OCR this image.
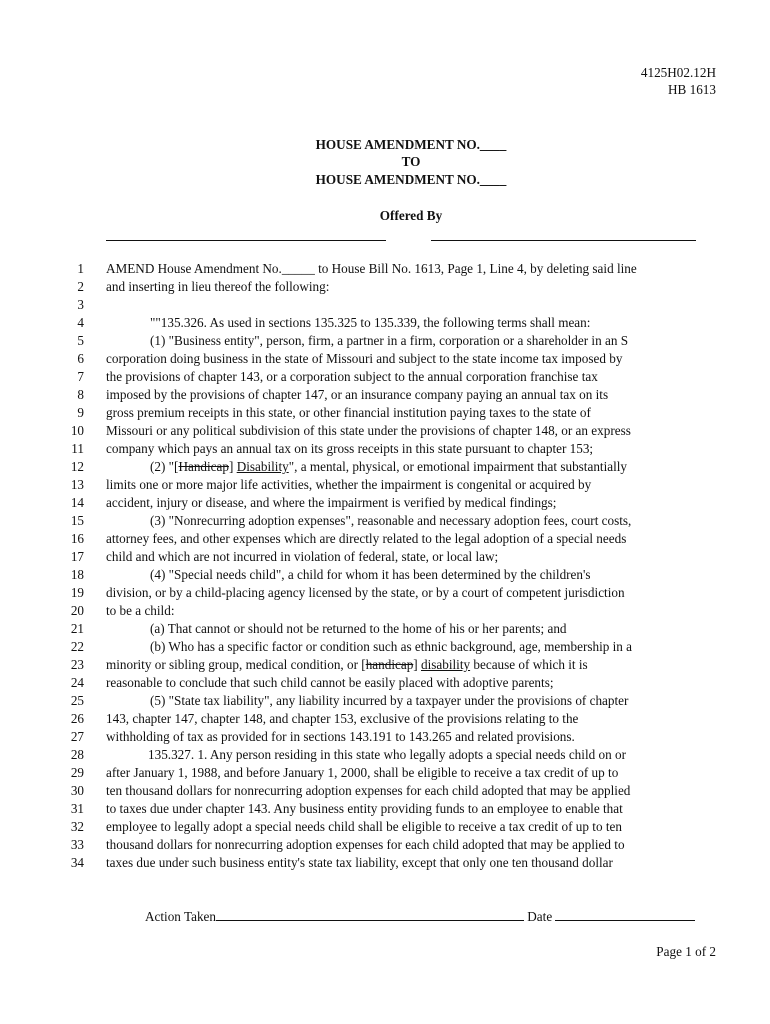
4125H02.12H
HB 1613
HOUSE AMENDMENT NO.____
TO
HOUSE AMENDMENT NO.____
Offered By
1 AMEND House Amendment No._____ to House Bill No. 1613, Page 1, Line 4, by deleting said line
2 and inserting in lieu thereof the following:
3
4	""135.326. As used in sections 135.325 to 135.339, the following terms shall mean:
5	(1) "Business entity", person, firm, a partner in a firm, corporation or a shareholder in an S
6 corporation doing business in the state of Missouri and subject to the state income tax imposed by
7 the provisions of chapter 143, or a corporation subject to the annual corporation franchise tax
8 imposed by the provisions of chapter 147, or an insurance company paying an annual tax on its
9 gross premium receipts in this state, or other financial institution paying taxes to the state of
10 Missouri or any political subdivision of this state under the provisions of chapter 148, or an express
11 company which pays an annual tax on its gross receipts in this state pursuant to chapter 153;
12	(2) "[Handicap] Disability", a mental, physical, or emotional impairment that substantially
13 limits one or more major life activities, whether the impairment is congenital or acquired by
14 accident, injury or disease, and where the impairment is verified by medical findings;
15	(3) "Nonrecurring adoption expenses", reasonable and necessary adoption fees, court costs,
16 attorney fees, and other expenses which are directly related to the legal adoption of a special needs
17 child and which are not incurred in violation of federal, state, or local law;
18	(4) "Special needs child", a child for whom it has been determined by the children's
19 division, or by a child-placing agency licensed by the state, or by a court of competent jurisdiction
20 to be a child:
21	(a) That cannot or should not be returned to the home of his or her parents; and
22	(b) Who has a specific factor or condition such as ethnic background, age, membership in a
23 minority or sibling group, medical condition, or [handicap] disability because of which it is
24 reasonable to conclude that such child cannot be easily placed with adoptive parents;
25	(5) "State tax liability", any liability incurred by a taxpayer under the provisions of chapter
26 143, chapter 147, chapter 148, and chapter 153, exclusive of the provisions relating to the
27 withholding of tax as provided for in sections 143.191 to 143.265 and related provisions.
28	135.327. 1. Any person residing in this state who legally adopts a special needs child on or
29 after January 1, 1988, and before January 1, 2000, shall be eligible to receive a tax credit of up to
30 ten thousand dollars for nonrecurring adoption expenses for each child adopted that may be applied
31 to taxes due under chapter 143. Any business entity providing funds to an employee to enable that
32 employee to legally adopt a special needs child shall be eligible to receive a tax credit of up to ten
33 thousand dollars for nonrecurring adoption expenses for each child adopted that may be applied to
34 taxes due under such business entity's state tax liability, except that only one ten thousand dollar
Action Taken	Date
Page 1 of 2
